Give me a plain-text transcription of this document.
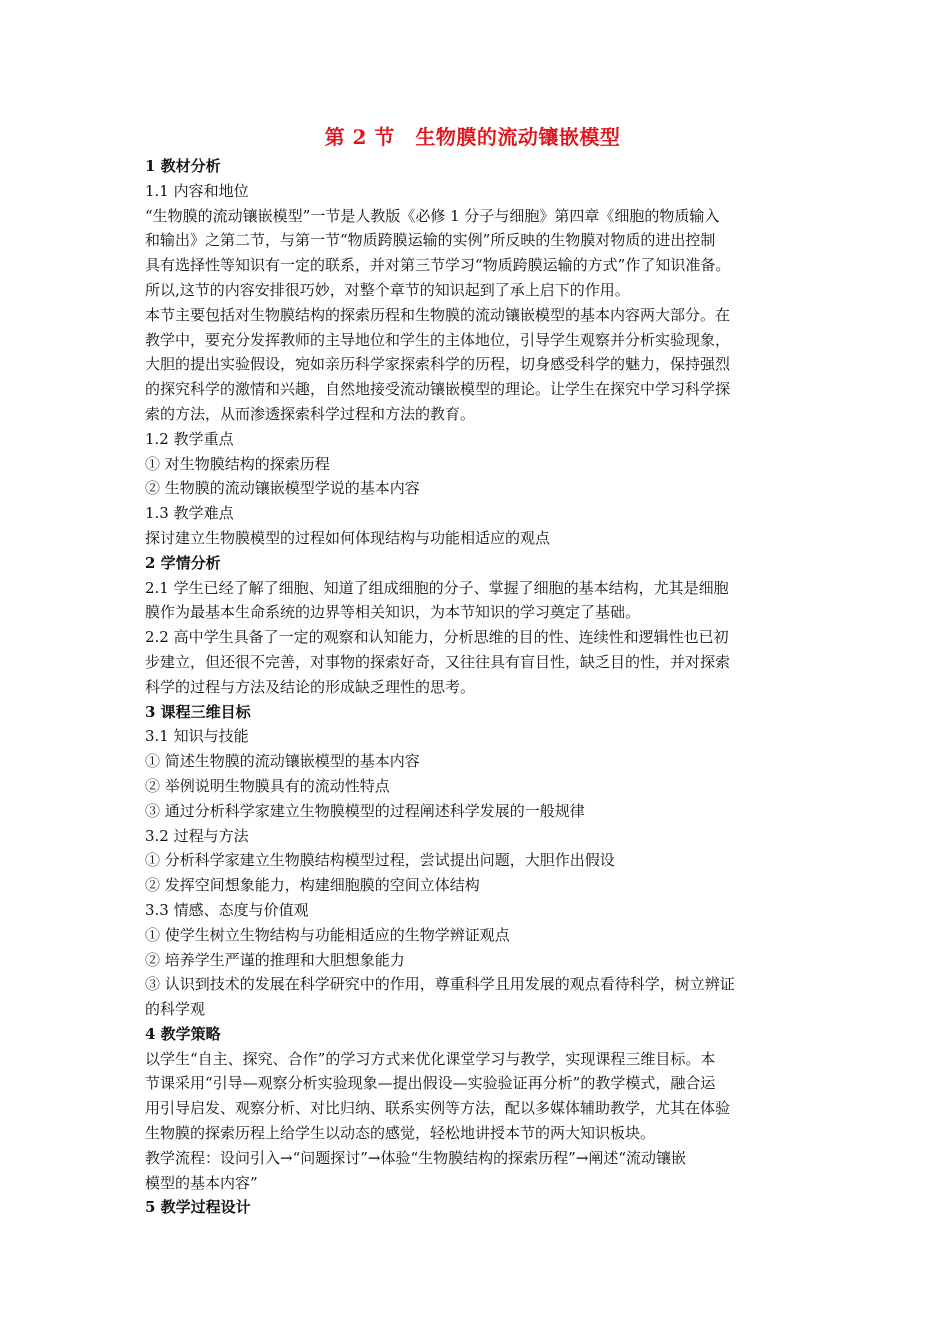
第 2 节　生物膜的流动镶嵌模型
1 教材分析
1.1 内容和地位
“生物膜的流动镶嵌模型”一节是人教版《必修 1 分子与细胞》第四章《细胞的物质输入
和输出》之第二节，与第一节“物质跨膜运输的实例”所反映的生物膜对物质的进出控制
具有选择性等知识有一定的联系，并对第三节学习“物质跨膜运输的方式”作了知识准备。
所以,这节的内容安排很巧妙，对整个章节的知识起到了承上启下的作用。
本节主要包括对生物膜结构的探索历程和生物膜的流动镶嵌模型的基本内容两大部分。在
教学中，要充分发挥教师的主导地位和学生的主体地位，引导学生观察并分析实验现象，
大胆的提出实验假设，宛如亲历科学家探索科学的历程，切身感受科学的魅力，保持强烈
的探究科学的激情和兴趣，自然地接受流动镶嵌模型的理论。让学生在探究中学习科学探
索的方法，从而渗透探索科学过程和方法的教育。
1.2 教学重点
① 对生物膜结构的探索历程
② 生物膜的流动镶嵌模型学说的基本内容
1.3 教学难点
探讨建立生物膜模型的过程如何体现结构与功能相适应的观点
2 学情分析
2.1 学生已经了解了细胞、知道了组成细胞的分子、掌握了细胞的基本结构，尤其是细胞
膜作为最基本生命系统的边界等相关知识，为本节知识的学习奠定了基础。
2.2 高中学生具备了一定的观察和认知能力，分析思维的目的性、连续性和逻辑性也已初
步建立，但还很不完善，对事物的探索好奇，又往往具有盲目性，缺乏目的性，并对探索
科学的过程与方法及结论的形成缺乏理性的思考。
3 课程三维目标
3.1 知识与技能
① 简述生物膜的流动镶嵌模型的基本内容
② 举例说明生物膜具有的流动性特点
③ 通过分析科学家建立生物膜模型的过程阐述科学发展的一般规律
3.2 过程与方法
① 分析科学家建立生物膜结构模型过程，尝试提出问题，大胆作出假设
② 发挥空间想象能力，构建细胞膜的空间立体结构
3.3 情感、态度与价值观
① 使学生树立生物结构与功能相适应的生物学辨证观点
② 培养学生严谨的推理和大胆想象能力
③ 认识到技术的发展在科学研究中的作用，尊重科学且用发展的观点看待科学，树立辨证
的科学观
4 教学策略
以学生“自主、探究、合作”的学习方式来优化课堂学习与教学，实现课程三维目标。本
节课采用“引导—观察分析实验现象—提出假设—实验验证再分析”的教学模式，融合运
用引导启发、观察分析、对比归纳、联系实例等方法，配以多媒体辅助教学，尤其在体验
生物膜的探索历程上给学生以动态的感觉，轻松地讲授本节的两大知识板块。
教学流程：设问引入→“问题探讨”→体验“生物膜结构的探索历程”→阐述“流动镶嵌
模型的基本内容”
5 教学过程设计
